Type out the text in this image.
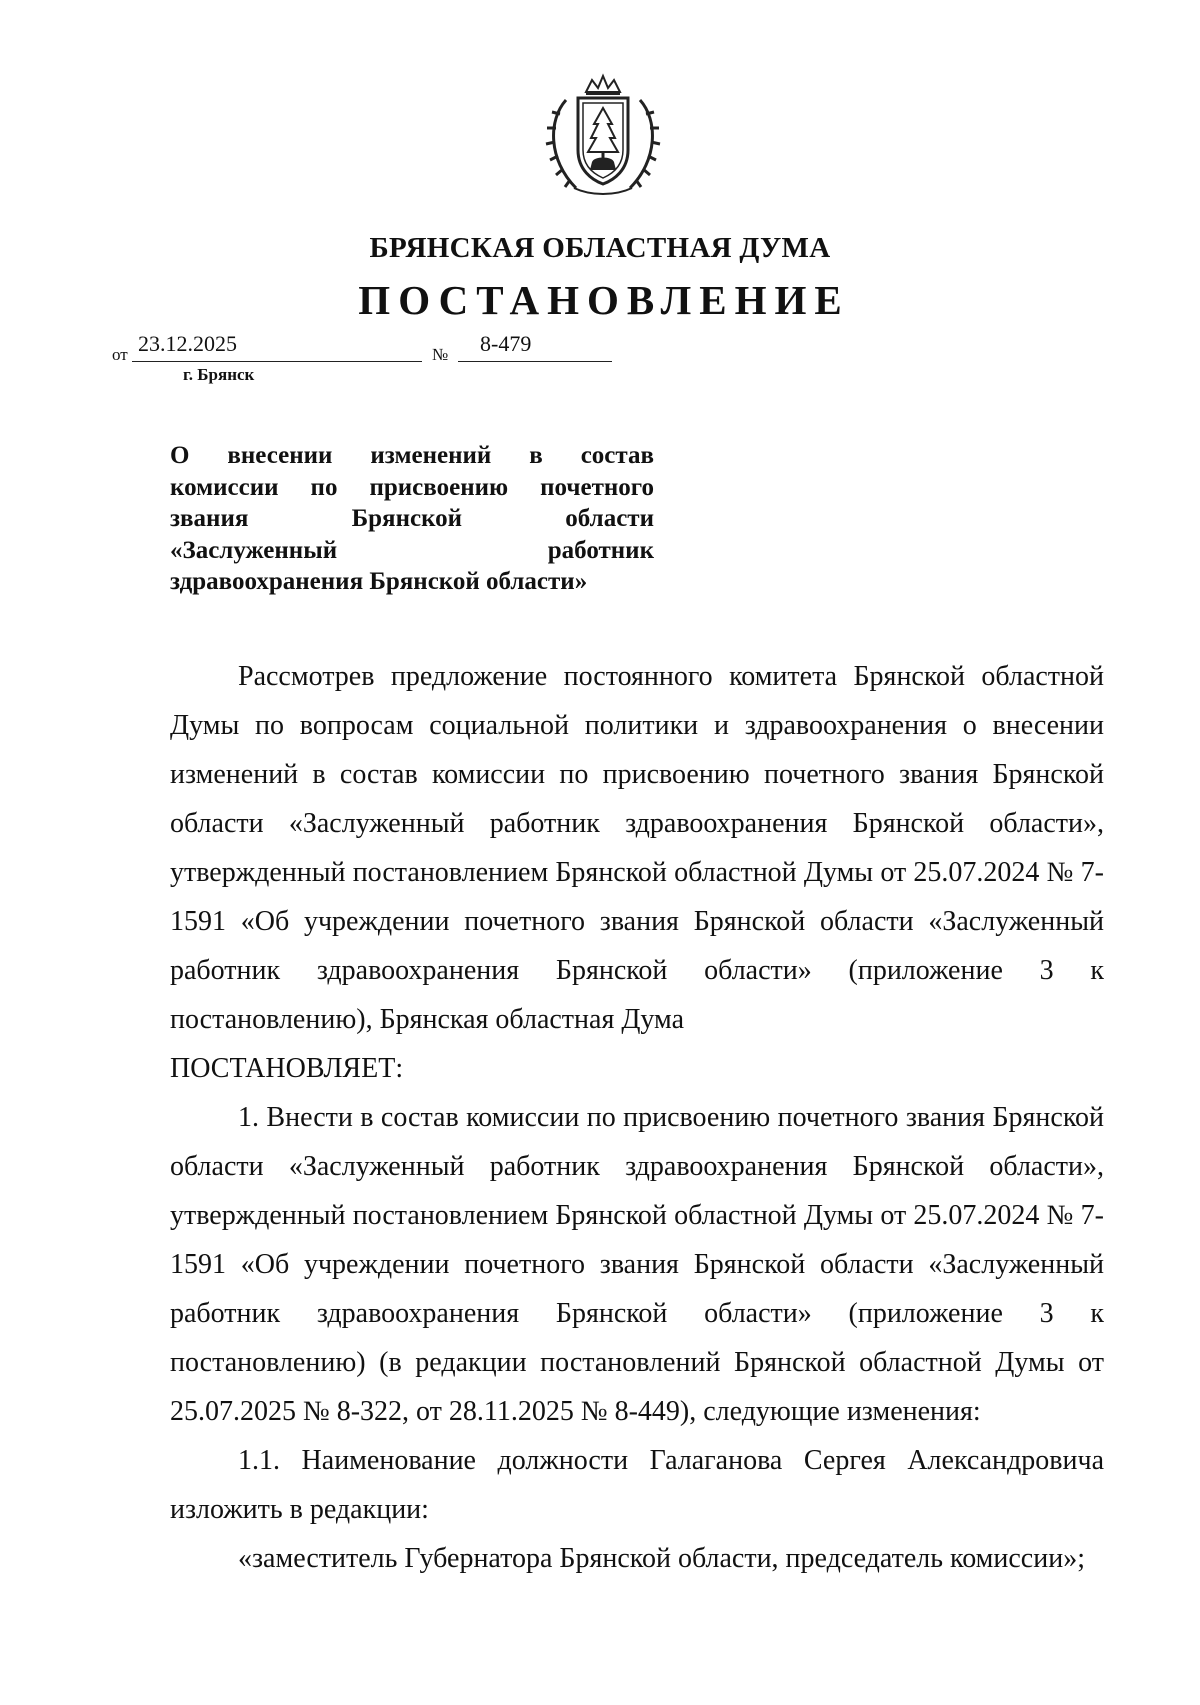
БРЯНСКАЯ ОБЛАСТНАЯ ДУМА
ПОСТАНОВЛЕНИЕ
от 23.12.2025	№ 8-479
г. Брянск
О внесении изменений в состав
комиссии по присвоению почетного
звания Брянской области
«Заслуженный работник
здравоохранения Брянской области»

Рассмотрев предложение постоянного комитета Брянской областной Думы по вопросам социальной политики и здравоохранения о внесении изменений в состав комиссии по присвоению почетного звания Брянской области «Заслуженный работник здравоохранения Брянской области», утвержденный постановлением Брянской областной Думы от 25.07.2024 № 7-1591 «Об учреждении почетного звания Брянской области «Заслуженный работник здравоохранения Брянской области» (приложение 3 к постановлению), Брянская областная Дума

ПОСТАНОВЛЯЕТ:

1. Внести в состав комиссии по присвоению почетного звания Брянской области «Заслуженный работник здравоохранения Брянской области», утвержденный постановлением Брянской областной Думы от 25.07.2024 № 7-1591 «Об учреждении почетного звания Брянской области «Заслуженный работник здравоохранения Брянской области» (приложение 3 к постановлению) (в редакции постановлений Брянской областной Думы от 25.07.2025 № 8-322, от 28.11.2025 № 8-449), следующие изменения:

1.1. Наименование должности Галаганова Сергея Александровича изложить в редакции:

«заместитель Губернатора Брянской области, председатель комиссии»;
